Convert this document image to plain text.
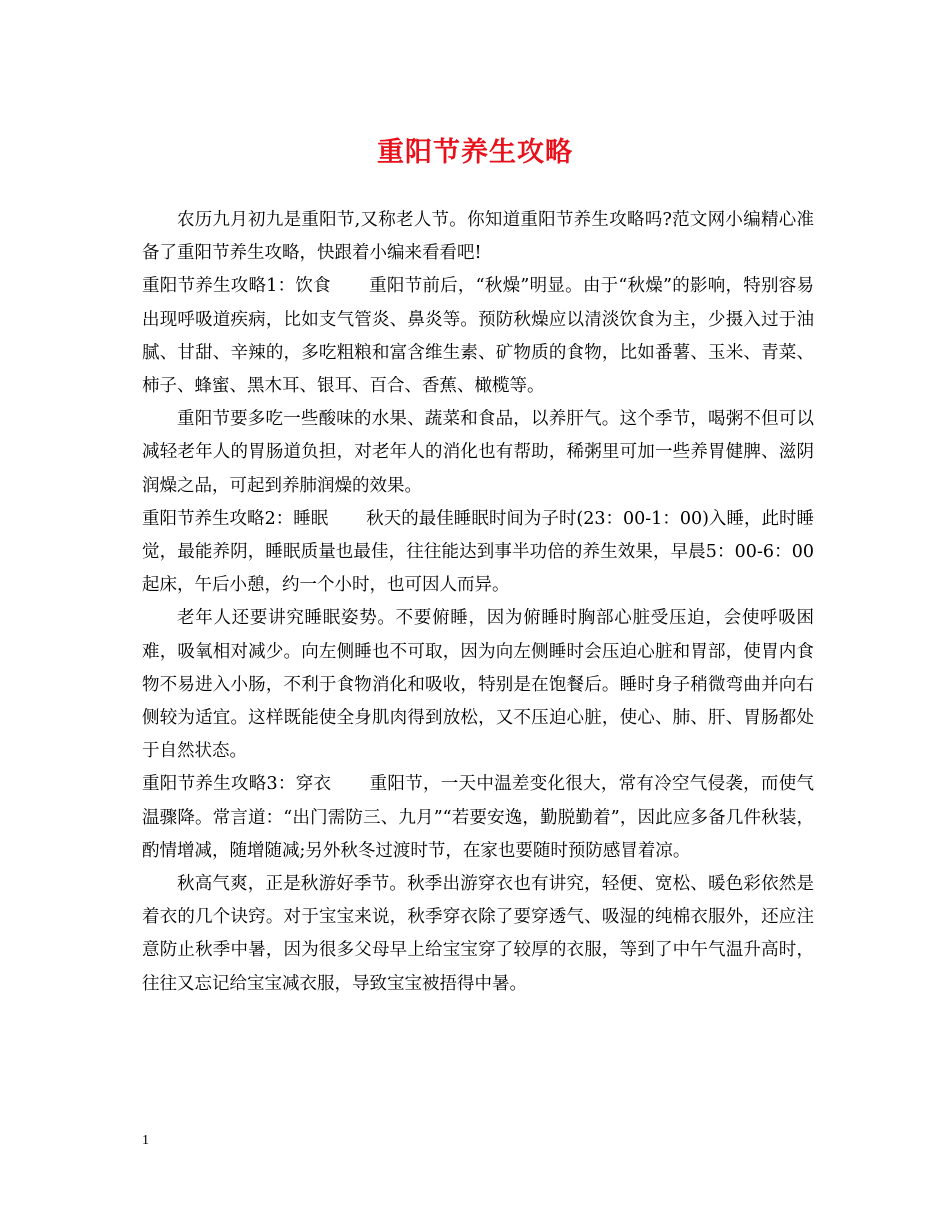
重阳节养生攻略

农历九月初九是重阳节,又称老人节。你知道重阳节养生攻略吗?范文网小编精心准备了重阳节养生攻略，快跟着小编来看看吧!

重阳节养生攻略1：饮食 重阳节前后，“秋燥”明显。由于“秋燥”的影响，特别容易出现呼吸道疾病，比如支气管炎、鼻炎等。预防秋燥应以清淡饮食为主，少摄入过于油腻、甘甜、辛辣的，多吃粗粮和富含维生素、矿物质的食物，比如番薯、玉米、青菜、柿子、蜂蜜、黑木耳、银耳、百合、香蕉、橄榄等。

重阳节要多吃一些酸味的水果、蔬菜和食品，以养肝气。这个季节，喝粥不但可以减轻老年人的胃肠道负担，对老年人的消化也有帮助，稀粥里可加一些养胃健脾、滋阴润燥之品，可起到养肺润燥的效果。

重阳节养生攻略2：睡眠 秋天的最佳睡眠时间为子时(23：00-1：00)入睡，此时睡觉，最能养阴，睡眠质量也最佳，往往能达到事半功倍的养生效果，早晨5：00-6：00起床，午后小憩，约一个小时，也可因人而异。

老年人还要讲究睡眠姿势。不要俯睡，因为俯睡时胸部心脏受压迫，会使呼吸困难，吸氧相对减少。向左侧睡也不可取，因为向左侧睡时会压迫心脏和胃部，使胃内食物不易进入小肠，不利于食物消化和吸收，特别是在饱餐后。睡时身子稍微弯曲并向右侧较为适宜。这样既能使全身肌肉得到放松，又不压迫心脏，使心、肺、肝、胃肠都处于自然状态。

重阳节养生攻略3：穿衣 重阳节，一天中温差变化很大，常有冷空气侵袭，而使气温骤降。常言道：“出门需防三、九月”“若要安逸，勤脱勤着”，因此应多备几件秋装，酌情增减，随增随减;另外秋冬过渡时节，在家也要随时预防感冒着凉。

秋高气爽，正是秋游好季节。秋季出游穿衣也有讲究，轻便、宽松、暖色彩依然是着衣的几个诀窍。对于宝宝来说，秋季穿衣除了要穿透气、吸湿的纯棉衣服外，还应注意防止秋季中暑，因为很多父母早上给宝宝穿了较厚的衣服，等到了中午气温升高时，往往又忘记给宝宝减衣服，导致宝宝被捂得中暑。

1
